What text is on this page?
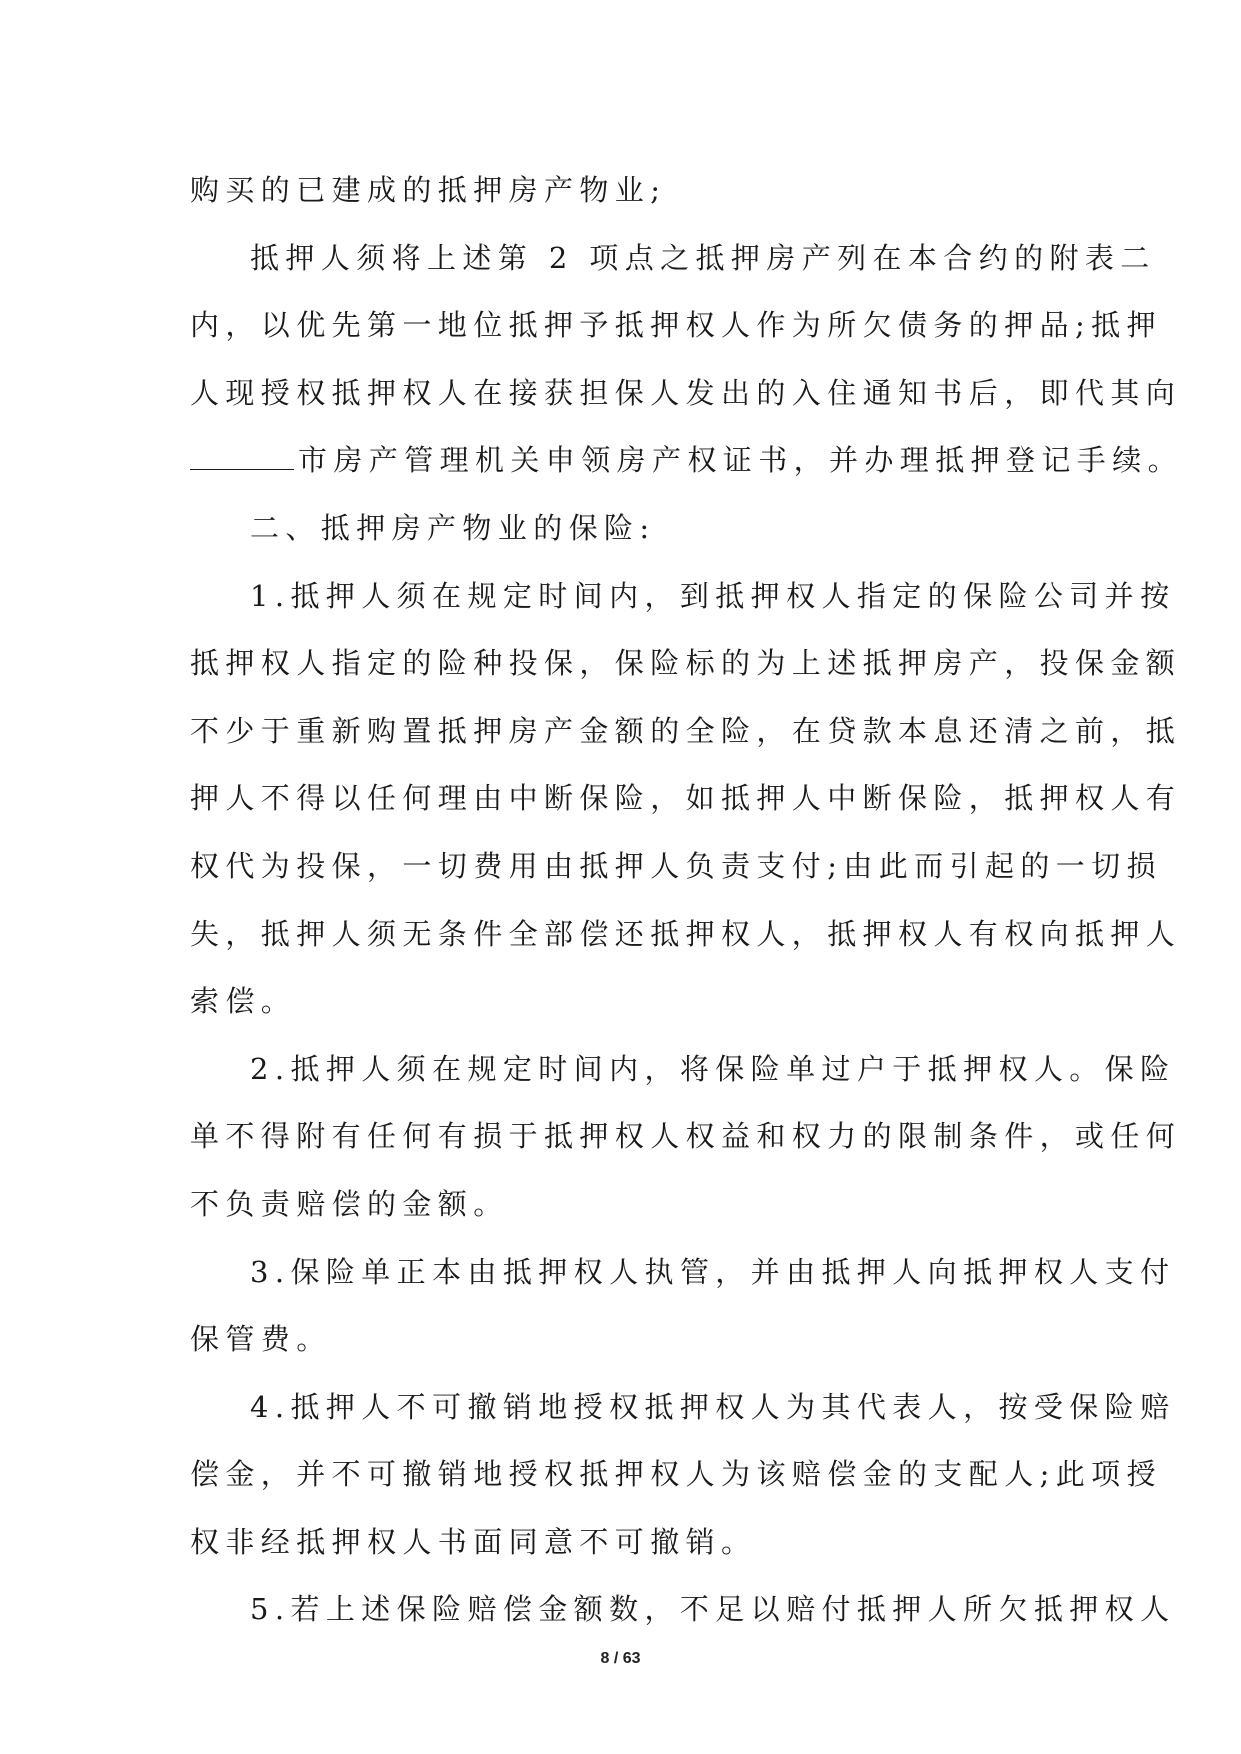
购买的已建成的抵押房产物业;
抵押人须将上述第 2 项点之抵押房产列在本合约的附表二
内，以优先第一地位抵押予抵押权人作为所欠债务的押品;抵押
人现授权抵押权人在接获担保人发出的入住通知书后，即代其向
市房产管理机关申领房产权证书，并办理抵押登记手续。
二、抵押房产物业的保险:
1.抵押人须在规定时间内，到抵押权人指定的保险公司并按
抵押权人指定的险种投保，保险标的为上述抵押房产，投保金额
不少于重新购置抵押房产金额的全险，在贷款本息还清之前，抵
押人不得以任何理由中断保险，如抵押人中断保险，抵押权人有
权代为投保，一切费用由抵押人负责支付;由此而引起的一切损
失，抵押人须无条件全部偿还抵押权人，抵押权人有权向抵押人
索偿。
2.抵押人须在规定时间内，将保险单过户于抵押权人。保险
单不得附有任何有损于抵押权人权益和权力的限制条件，或任何
不负责赔偿的金额。
3.保险单正本由抵押权人执管，并由抵押人向抵押权人支付
保管费。
4.抵押人不可撤销地授权抵押权人为其代表人，按受保险赔
偿金，并不可撤销地授权抵押权人为该赔偿金的支配人;此项授
权非经抵押权人书面同意不可撤销。
5.若上述保险赔偿金额数，不足以赔付抵押人所欠抵押权人
8 / 63
